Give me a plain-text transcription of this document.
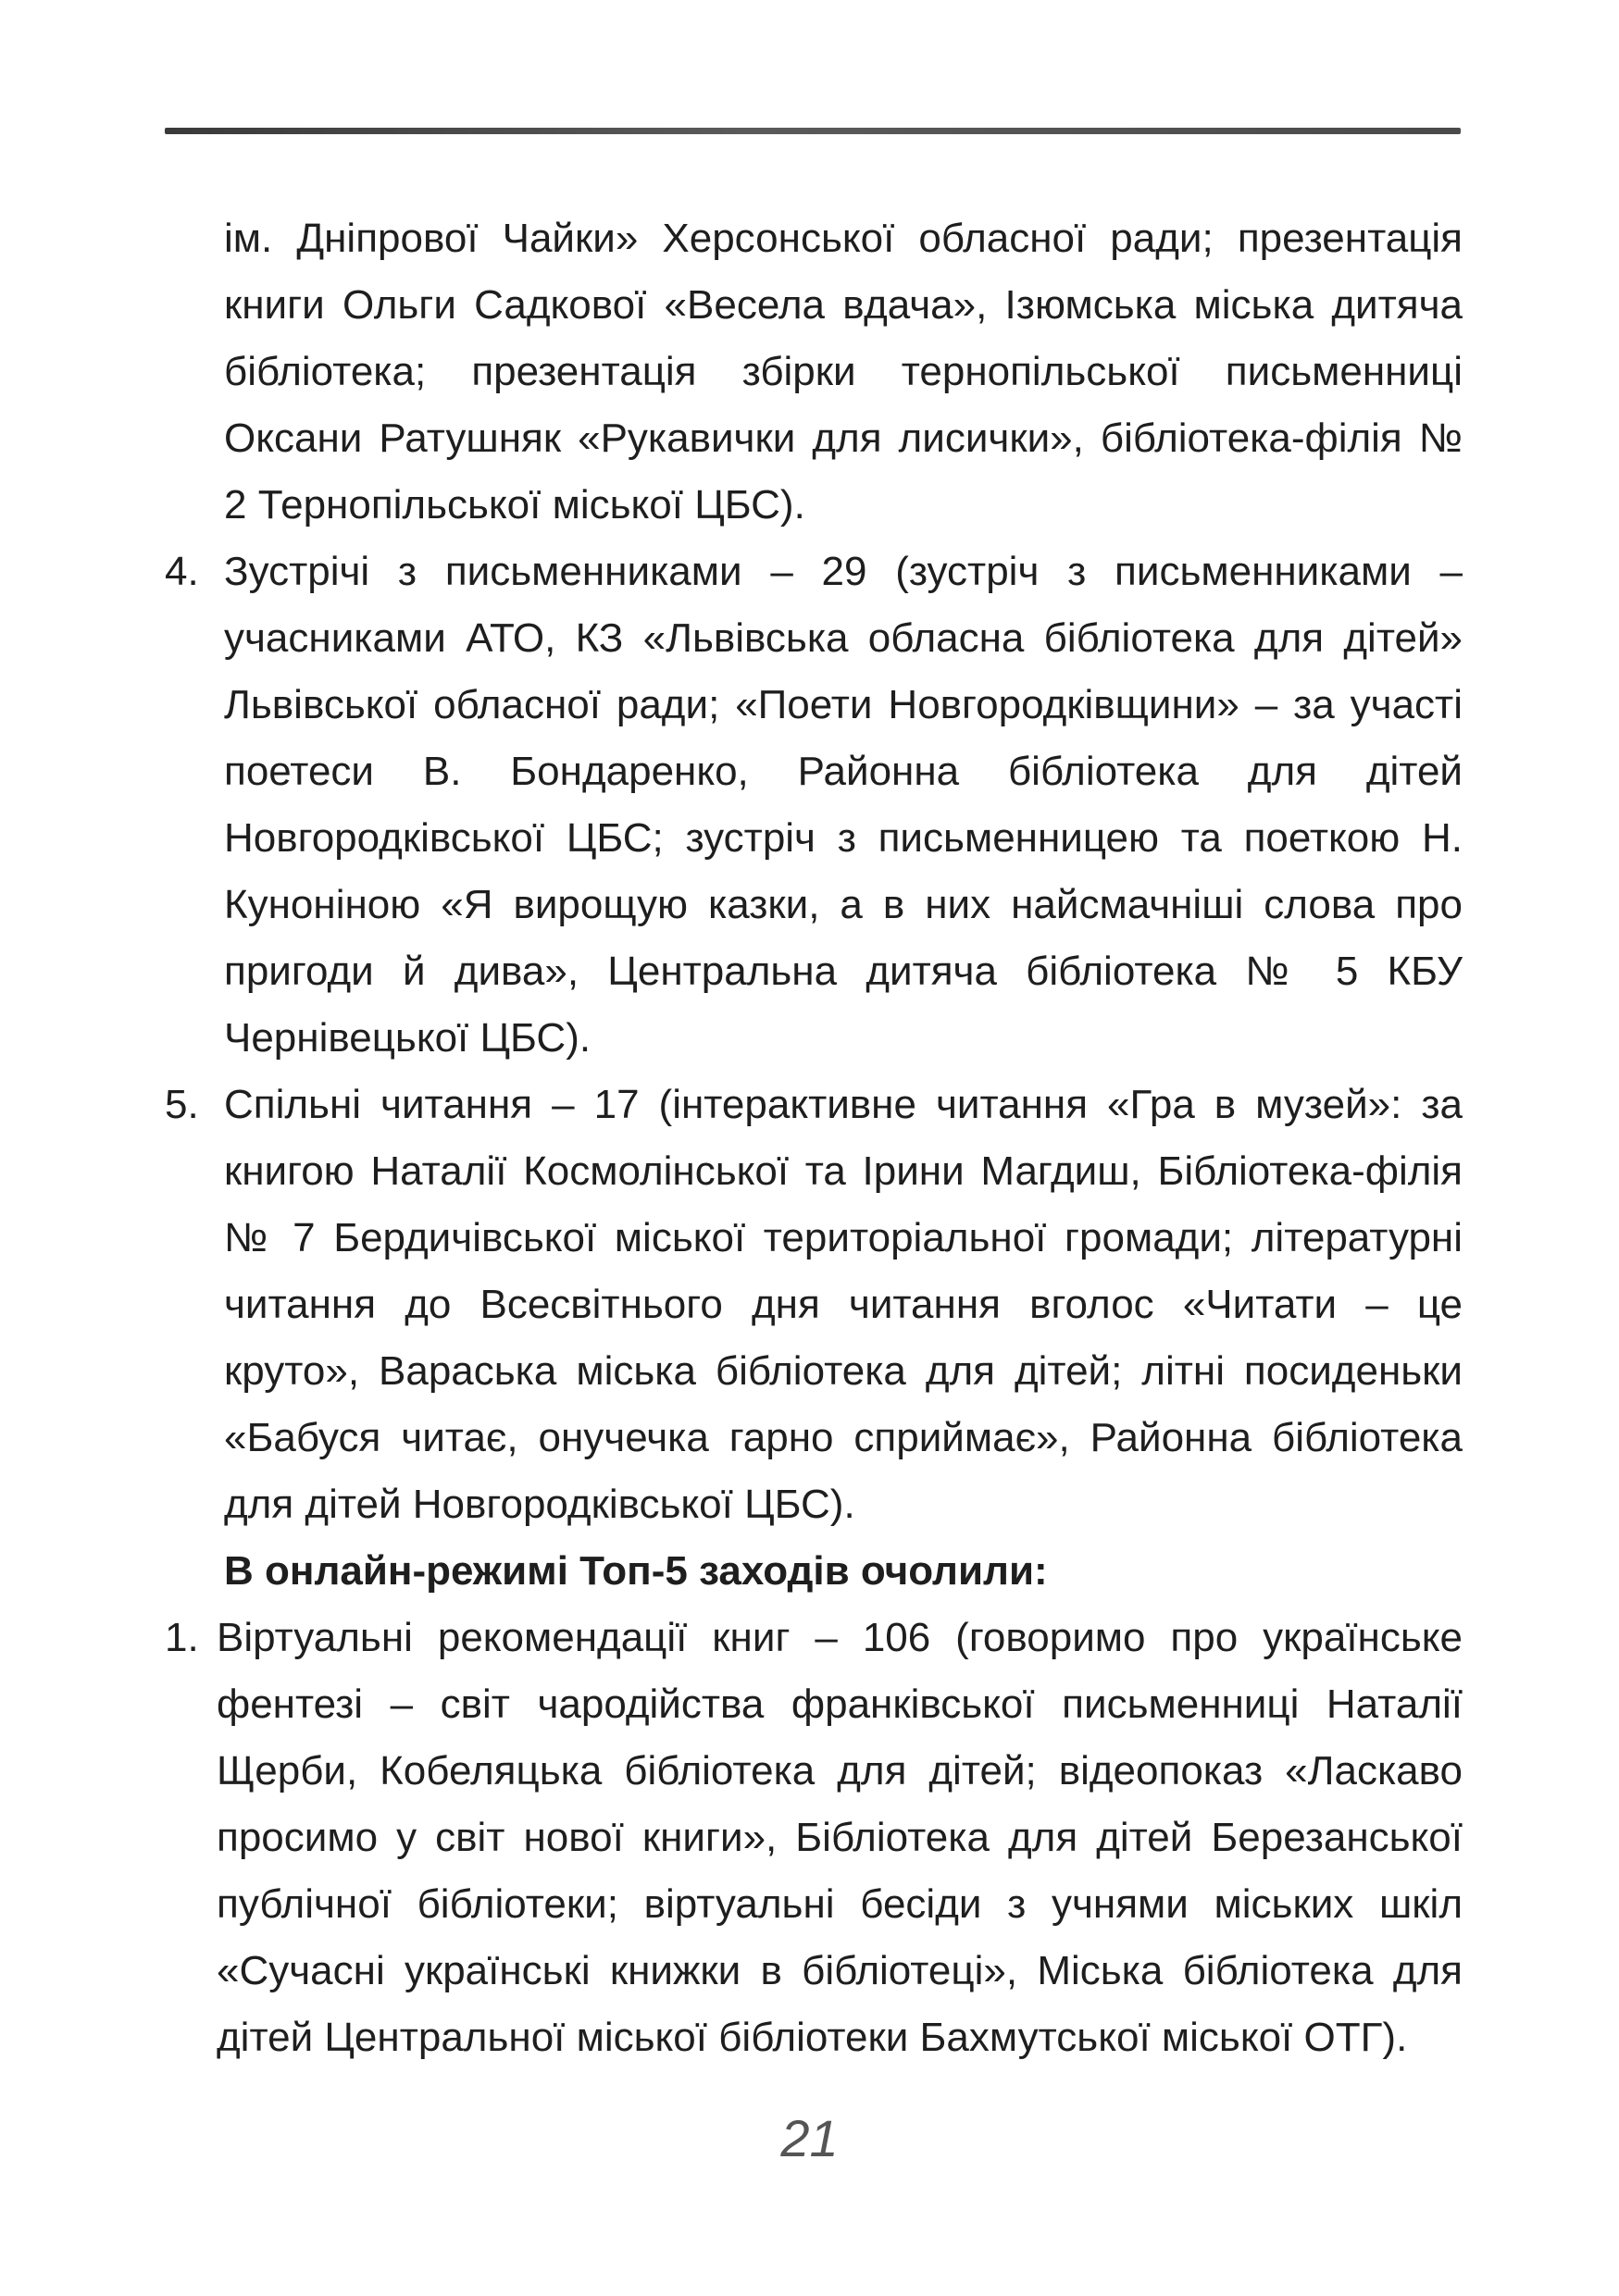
ім. Дніпрової Чайки» Херсонської обласної ради; презентація книги Ольги Садкової «Весела вдача», Ізюмська міська дитяча бібліотека; презентація збірки тернопільської письменниці Оксани Ратушняк «Рукавички для лисички», бібліотека-філія № 2 Тернопільської міської ЦБС).

4. Зустрічі з письменниками – 29 (зустріч з письменниками – учасниками АТО, КЗ «Львівська обласна бібліотека для дітей» Львівської обласної ради; «Поети Новгородківщини» – за участі поетеси В. Бондаренко, Районна бібліотека для дітей Новгородківської ЦБС; зустріч з письменницею та поеткою Н. Кунонiною «Я вирощую казки, а в них найсмачніші слова про пригоди й дива», Центральна дитяча бібліотека № 5 КБУ Чернівецької ЦБС).
5. Спільні читання – 17 (інтерактивне читання «Гра в музей»: за книгою Наталії Космолінської та Ірини Магдиш, Бібліотека-філія № 7 Бердичівської міської територіальної громади; літературні читання до Всесвітнього дня читання вголос «Читати – це круто», Вараська міська бібліотека для дітей; літні посиденьки «Бабуся читає, онучечка гарно сприймає», Районна бібліотека для дітей Новгородківської ЦБС).

В онлайн-режимі Топ-5 заходів очолили:

1. Віртуальні рекомендації книг – 106 (говоримо про українське фентезі – світ чародійства франківської письменниці Наталії Щерби, Кобеляцька бібліотека для дітей; відеопоказ «Ласкаво просимо у світ нової книги», Бібліотека для дітей Березанської публічної бібліотеки; віртуальні бесіди з учнями міських шкіл «Сучасні українські книжки в бібліотеці», Міська бібліотека для дітей Центральної міської бібліотеки Бахмутської міської ОТГ).
21
